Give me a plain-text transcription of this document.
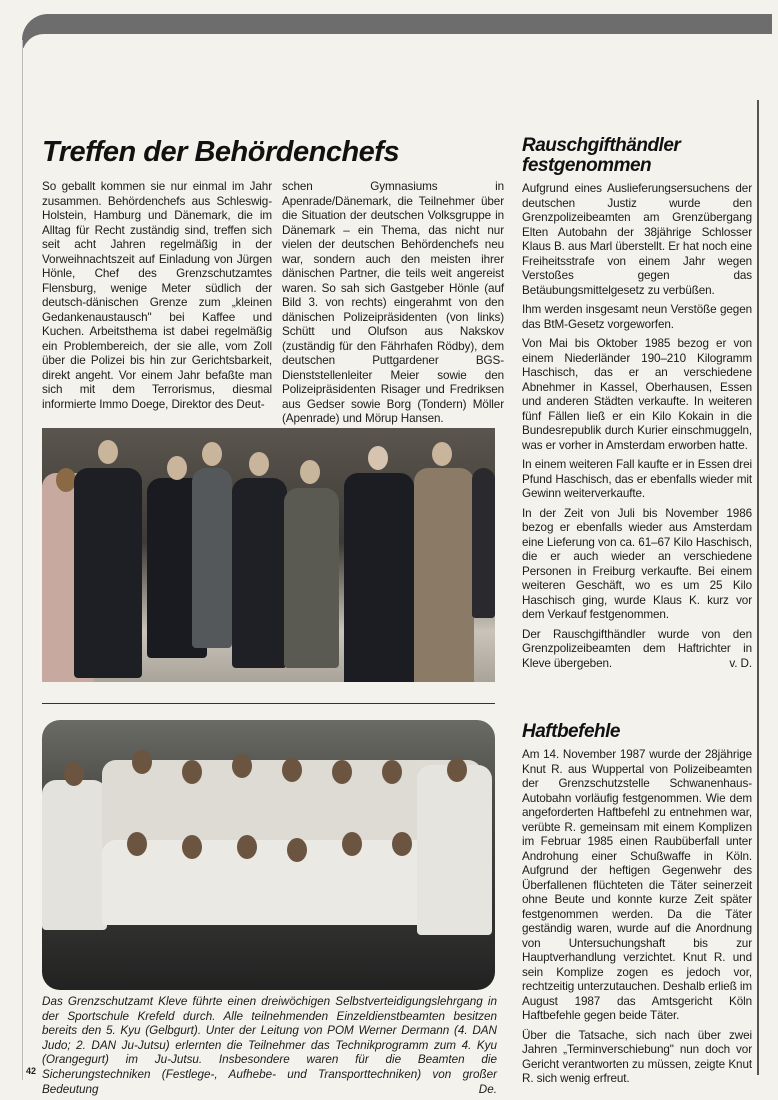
Treffen der Behördenchefs

So geballt kommen sie nur einmal im Jahr zusammen. Behördenchefs aus Schleswig-Holstein, Hamburg und Dänemark, die im Alltag für Recht zuständig sind, treffen sich seit acht Jahren regelmäßig in der Vorweihnachtszeit auf Einladung von Jürgen Hönle, Chef des Grenzschutzamtes Flensburg, wenige Meter südlich der deutsch-dänischen Grenze zum „kleinen Gedankenaustausch" bei Kaffee und Kuchen. Arbeitsthema ist dabei regelmäßig ein Problembereich, der sie alle, vom Zoll über die Polizei bis hin zur Gerichtsbarkeit, direkt angeht. Vor einem Jahr befaßte man sich mit dem Terrorismus, diesmal informierte Immo Doege, Direktor des Deut-

schen Gymnasiums in Apenrade/Dänemark, die Teilnehmer über die Situation der deutschen Volksgruppe in Dänemark – ein Thema, das nicht nur vielen der deutschen Behördenchefs neu war, sondern auch den meisten ihrer dänischen Partner, die teils weit angereist waren. So sah sich Gastgeber Hönle (auf Bild 3. von rechts) eingerahmt von den dänischen Polizeipräsidenten (von links) Schütt und Olufson aus Nakskov (zuständig für den Fährhafen Rödby), dem deutschen Puttgardener BGS-Dienststellenleiter Meier sowie den Polizeipräsidenten Risager und Fredriksen aus Gedser sowie Borg (Tondern) Möller (Apenrade) und Mörup Hansen.

Rauschgifthändler festgenommen

Aufgrund eines Auslieferungsersuchens der deutschen Justiz wurde den Grenzpolizeibeamten am Grenzübergang Elten Autobahn der 38jährige Schlosser Klaus B. aus Marl überstellt. Er hat noch eine Freiheitsstrafe von einem Jahr wegen Verstoßes gegen das Betäubungsmittelgesetz zu verbüßen.

Ihm werden insgesamt neun Verstöße gegen das BtM-Gesetz vorgeworfen.

Von Mai bis Oktober 1985 bezog er von einem Niederländer 190–210 Kilogramm Haschisch, das er an verschiedene Abnehmer in Kassel, Oberhausen, Essen und anderen Städten verkaufte. In weiteren fünf Fällen ließ er ein Kilo Kokain in die Bundesrepublik durch Kurier einschmuggeln, was er vorher in Amsterdam erworben hatte.

In einem weiteren Fall kaufte er in Essen drei Pfund Haschisch, das er ebenfalls wieder mit Gewinn weiterverkaufte.

In der Zeit von Juli bis November 1986 bezog er ebenfalls wieder aus Amsterdam eine Lieferung von ca. 61–67 Kilo Haschisch, die er auch wieder an verschiedene Personen in Freiburg verkaufte. Bei einem weiteren Geschäft, wo es um 25 Kilo Haschisch ging, wurde Klaus K. kurz vor dem Verkauf festgenommen.

Der Rauschgifthändler wurde von den Grenzpolizeibeamten dem Haftrichter in Kleve übergeben.	v. D.

Haftbefehle

Am 14. November 1987 wurde der 28jährige Knut R. aus Wuppertal von Polizeibeamten der Grenzschutzstelle Schwanenhaus-Autobahn vorläufig festgenommen. Wie dem angeforderten Haftbefehl zu entnehmen war, verübte R. gemeinsam mit einem Komplizen im Februar 1985 einen Raubüberfall unter Androhung einer Schußwaffe in Köln. Aufgrund der heftigen Gegenwehr des Überfallenen flüchteten die Täter seinerzeit ohne Beute und konnte kurze Zeit später festgenommen werden. Da die Täter geständig waren, wurde auf die Anordnung von Untersuchungshaft bis zur Hauptverhandlung verzichtet. Knut R. und sein Komplize zogen es jedoch vor, rechtzeitig unterzutauchen. Deshalb erließ im August 1987 das Amtsgericht Köln Haftbefehle gegen beide Täter.

Über die Tatsache, sich nach über zwei Jahren „Terminverschiebung" nun doch vor Gericht verantworten zu müssen, zeigte Knut R. sich wenig erfreut.

Das Grenzschutzamt Kleve führte einen dreiwöchigen Selbstverteidigungslehrgang in der Sportschule Krefeld durch. Alle teilnehmenden Einzeldienstbeamten besitzen bereits den 5. Kyu (Gelbgurt). Unter der Leitung von POM Werner Dermann (4. DAN Judo; 2. DAN Ju-Jutsu) erlernten die Teilnehmer das Technikprogramm zum 4. Kyu (Orangegurt) im Ju-Jutsu. Insbesondere waren für die Beamten die Sicherungstechniken (Festlege-, Aufhebe- und Transporttechniken) von großer Bedeutung	De.
42
